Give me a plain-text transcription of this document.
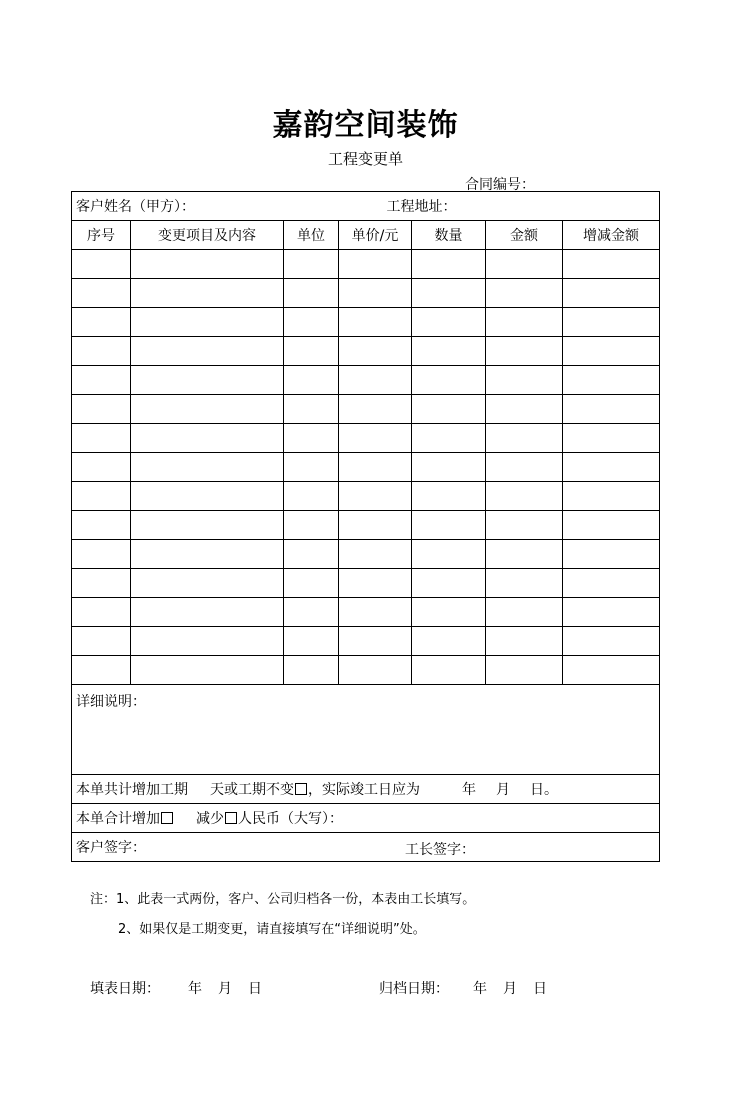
嘉韵空间装饰
工程变更单
合同编号：
客户姓名（甲方）： 工程地址：						

序号	变更项目及内容	单位	单价/元	数量	金额	增减金额

详细说明：						
本单共计增加工期 天或工期不变 ，实际竣工日应为 年 月 日。						
本单合计增加 减少 人民币（大写）：						
客户签字： 工长签字：						
注：1、此表一式两份，客户、公司归档各一份，本表由工长填写。
2、如果仅是工期变更，请直接填写在“详细说明”处。
填表日期： 年 月 日	归档日期： 年 月 日
